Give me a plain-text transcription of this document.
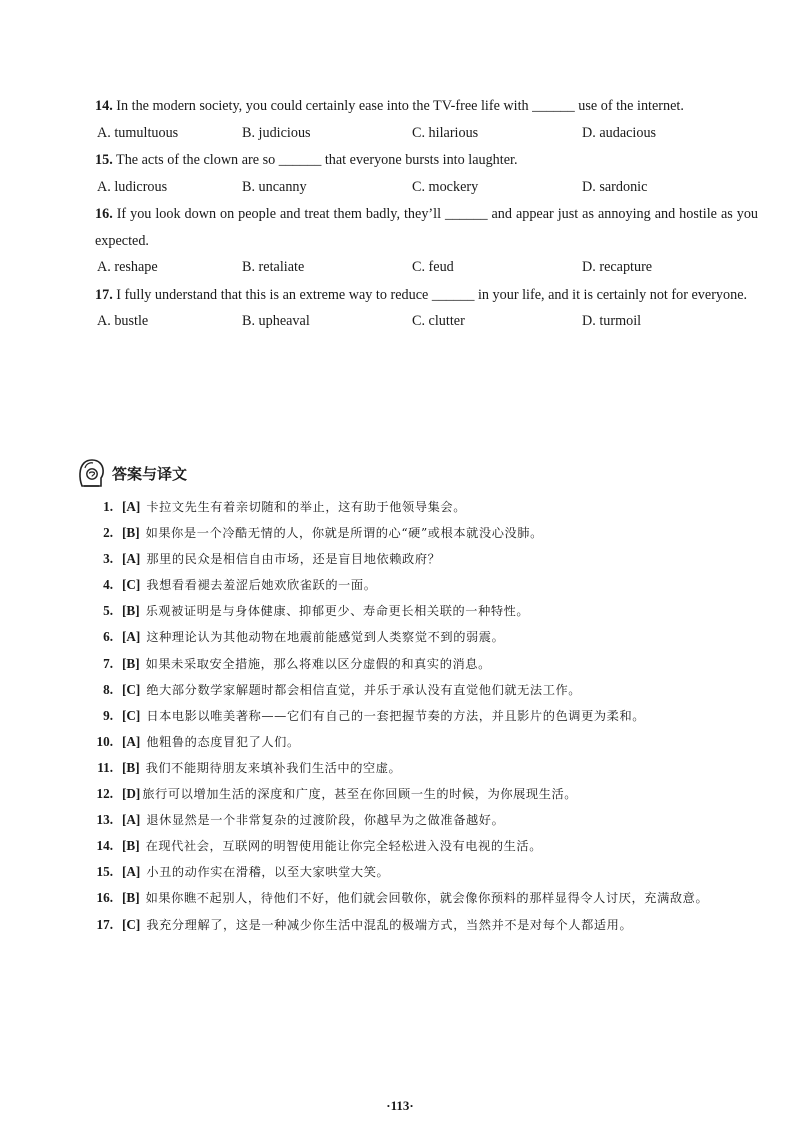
14. In the modern society, you could certainly ease into the TV-free life with ______ use of the internet.
A. tumultuous	B. judicious	C. hilarious	D. audacious
15. The acts of the clown are so ______ that everyone bursts into laughter.
A. ludicrous	B. uncanny	C. mockery	D. sardonic
16. If you look down on people and treat them badly, they’ll ______ and appear just as annoying and hostile as you expected.
A. reshape	B. retaliate	C. feud	D. recapture
17. I fully understand that this is an extreme way to reduce ______ in your life, and it is certainly not for everyone.
A. bustle	B. upheaval	C. clutter	D. turmoil
答案与译文
1. [A] 卡拉文先生有着亲切随和的举止，这有助于他领导集会。
2. [B] 如果你是一个冷酷无情的人，你就是所谓的心“硬”或根本就没心没肺。
3. [A] 那里的民众是相信自由市场，还是盲目地依赖政府？
4. [C] 我想看看褪去羞涩后她欢欣雀跃的一面。
5. [B] 乐观被证明是与身体健康、抑郁更少、寿命更长相关联的一种特性。
6. [A] 这种理论认为其他动物在地震前能感觉到人类察觉不到的弱震。
7. [B] 如果未采取安全措施，那么将难以区分虚假的和真实的消息。
8. [C] 绝大部分数学家解题时都会相信直觉，并乐于承认没有直觉他们就无法工作。
9. [C] 日本电影以唯美著称——它们有自己的一套把握节奏的方法，并且影片的色调更为柔和。
10. [A] 他粗鲁的态度冒犯了人们。
11. [B] 我们不能期待朋友来填补我们生活中的空虚。
12. [D] 旅行可以增加生活的深度和广度，甚至在你回顾一生的时候，为你展现生活。
13. [A] 退休显然是一个非常复杂的过渡阶段，你越早为之做准备越好。
14. [B] 在现代社会，互联网的明智使用能让你完全轻松进入没有电视的生活。
15. [A] 小丑的动作实在滑稽，以至大家哄堂大笑。
16. [B] 如果你瞧不起别人，待他们不好，他们就会回敬你，就会像你预料的那样显得令人讨厌，充满敌意。
17. [C] 我充分理解了，这是一种减少你生活中混乱的极端方式，当然并不是对每个人都适用。
·113·
